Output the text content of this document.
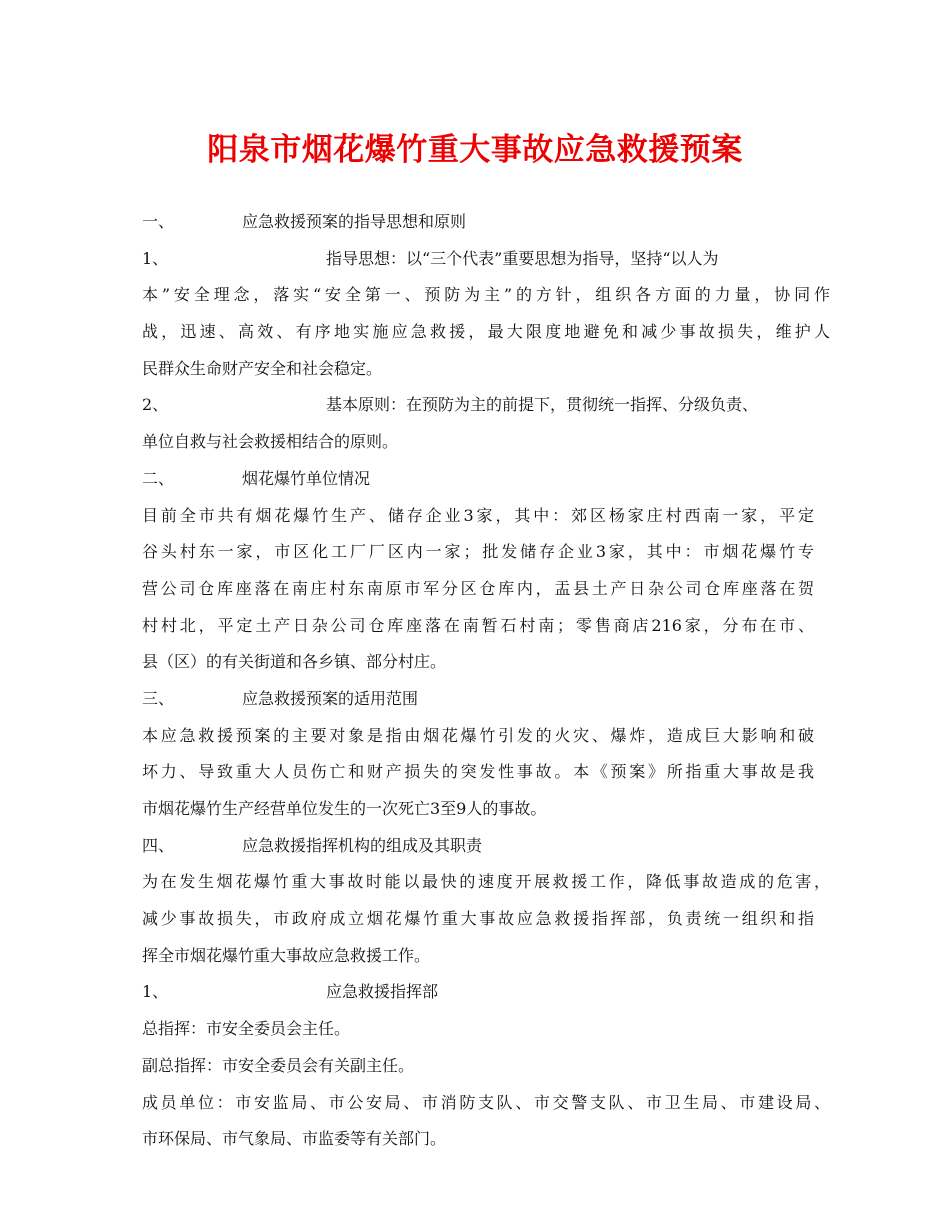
阳泉市烟花爆竹重大事故应急救援预案
一、	应急救援预案的指导思想和原则
1、	指导思想：以“三个代表”重要思想为指导，坚持“以人为
本”安全理念，落实“安全第一、预防为主”的方针，组织各方面的力量，协同作
战，迅速、高效、有序地实施应急救援，最大限度地避免和减少事故损失，维护人
民群众生命财产安全和社会稳定。
2、	基本原则：在预防为主的前提下，贯彻统一指挥、分级负责、
单位自救与社会救援相结合的原则。
二、	烟花爆竹单位情况
目前全市共有烟花爆竹生产、储存企业3家，其中：郊区杨家庄村西南一家，平定
谷头村东一家，市区化工厂厂区内一家；批发储存企业3家，其中：市烟花爆竹专
营公司仓库座落在南庄村东南原市军分区仓库内，盂县土产日杂公司仓库座落在贺
村村北，平定土产日杂公司仓库座落在南暂石村南；零售商店216家，分布在市、
县（区）的有关街道和各乡镇、部分村庄。
三、	应急救援预案的适用范围
本应急救援预案的主要对象是指由烟花爆竹引发的火灾、爆炸，造成巨大影响和破
坏力、导致重大人员伤亡和财产损失的突发性事故。本《预案》所指重大事故是我
市烟花爆竹生产经营单位发生的一次死亡3至9人的事故。
四、	应急救援指挥机构的组成及其职责
为在发生烟花爆竹重大事故时能以最快的速度开展救援工作，降低事故造成的危害，
减少事故损失，市政府成立烟花爆竹重大事故应急救援指挥部，负责统一组织和指
挥全市烟花爆竹重大事故应急救援工作。
1、	应急救援指挥部
总指挥：市安全委员会主任。
副总指挥：市安全委员会有关副主任。
成员单位：市安监局、市公安局、市消防支队、市交警支队、市卫生局、市建设局、
市环保局、市气象局、市监委等有关部门。
